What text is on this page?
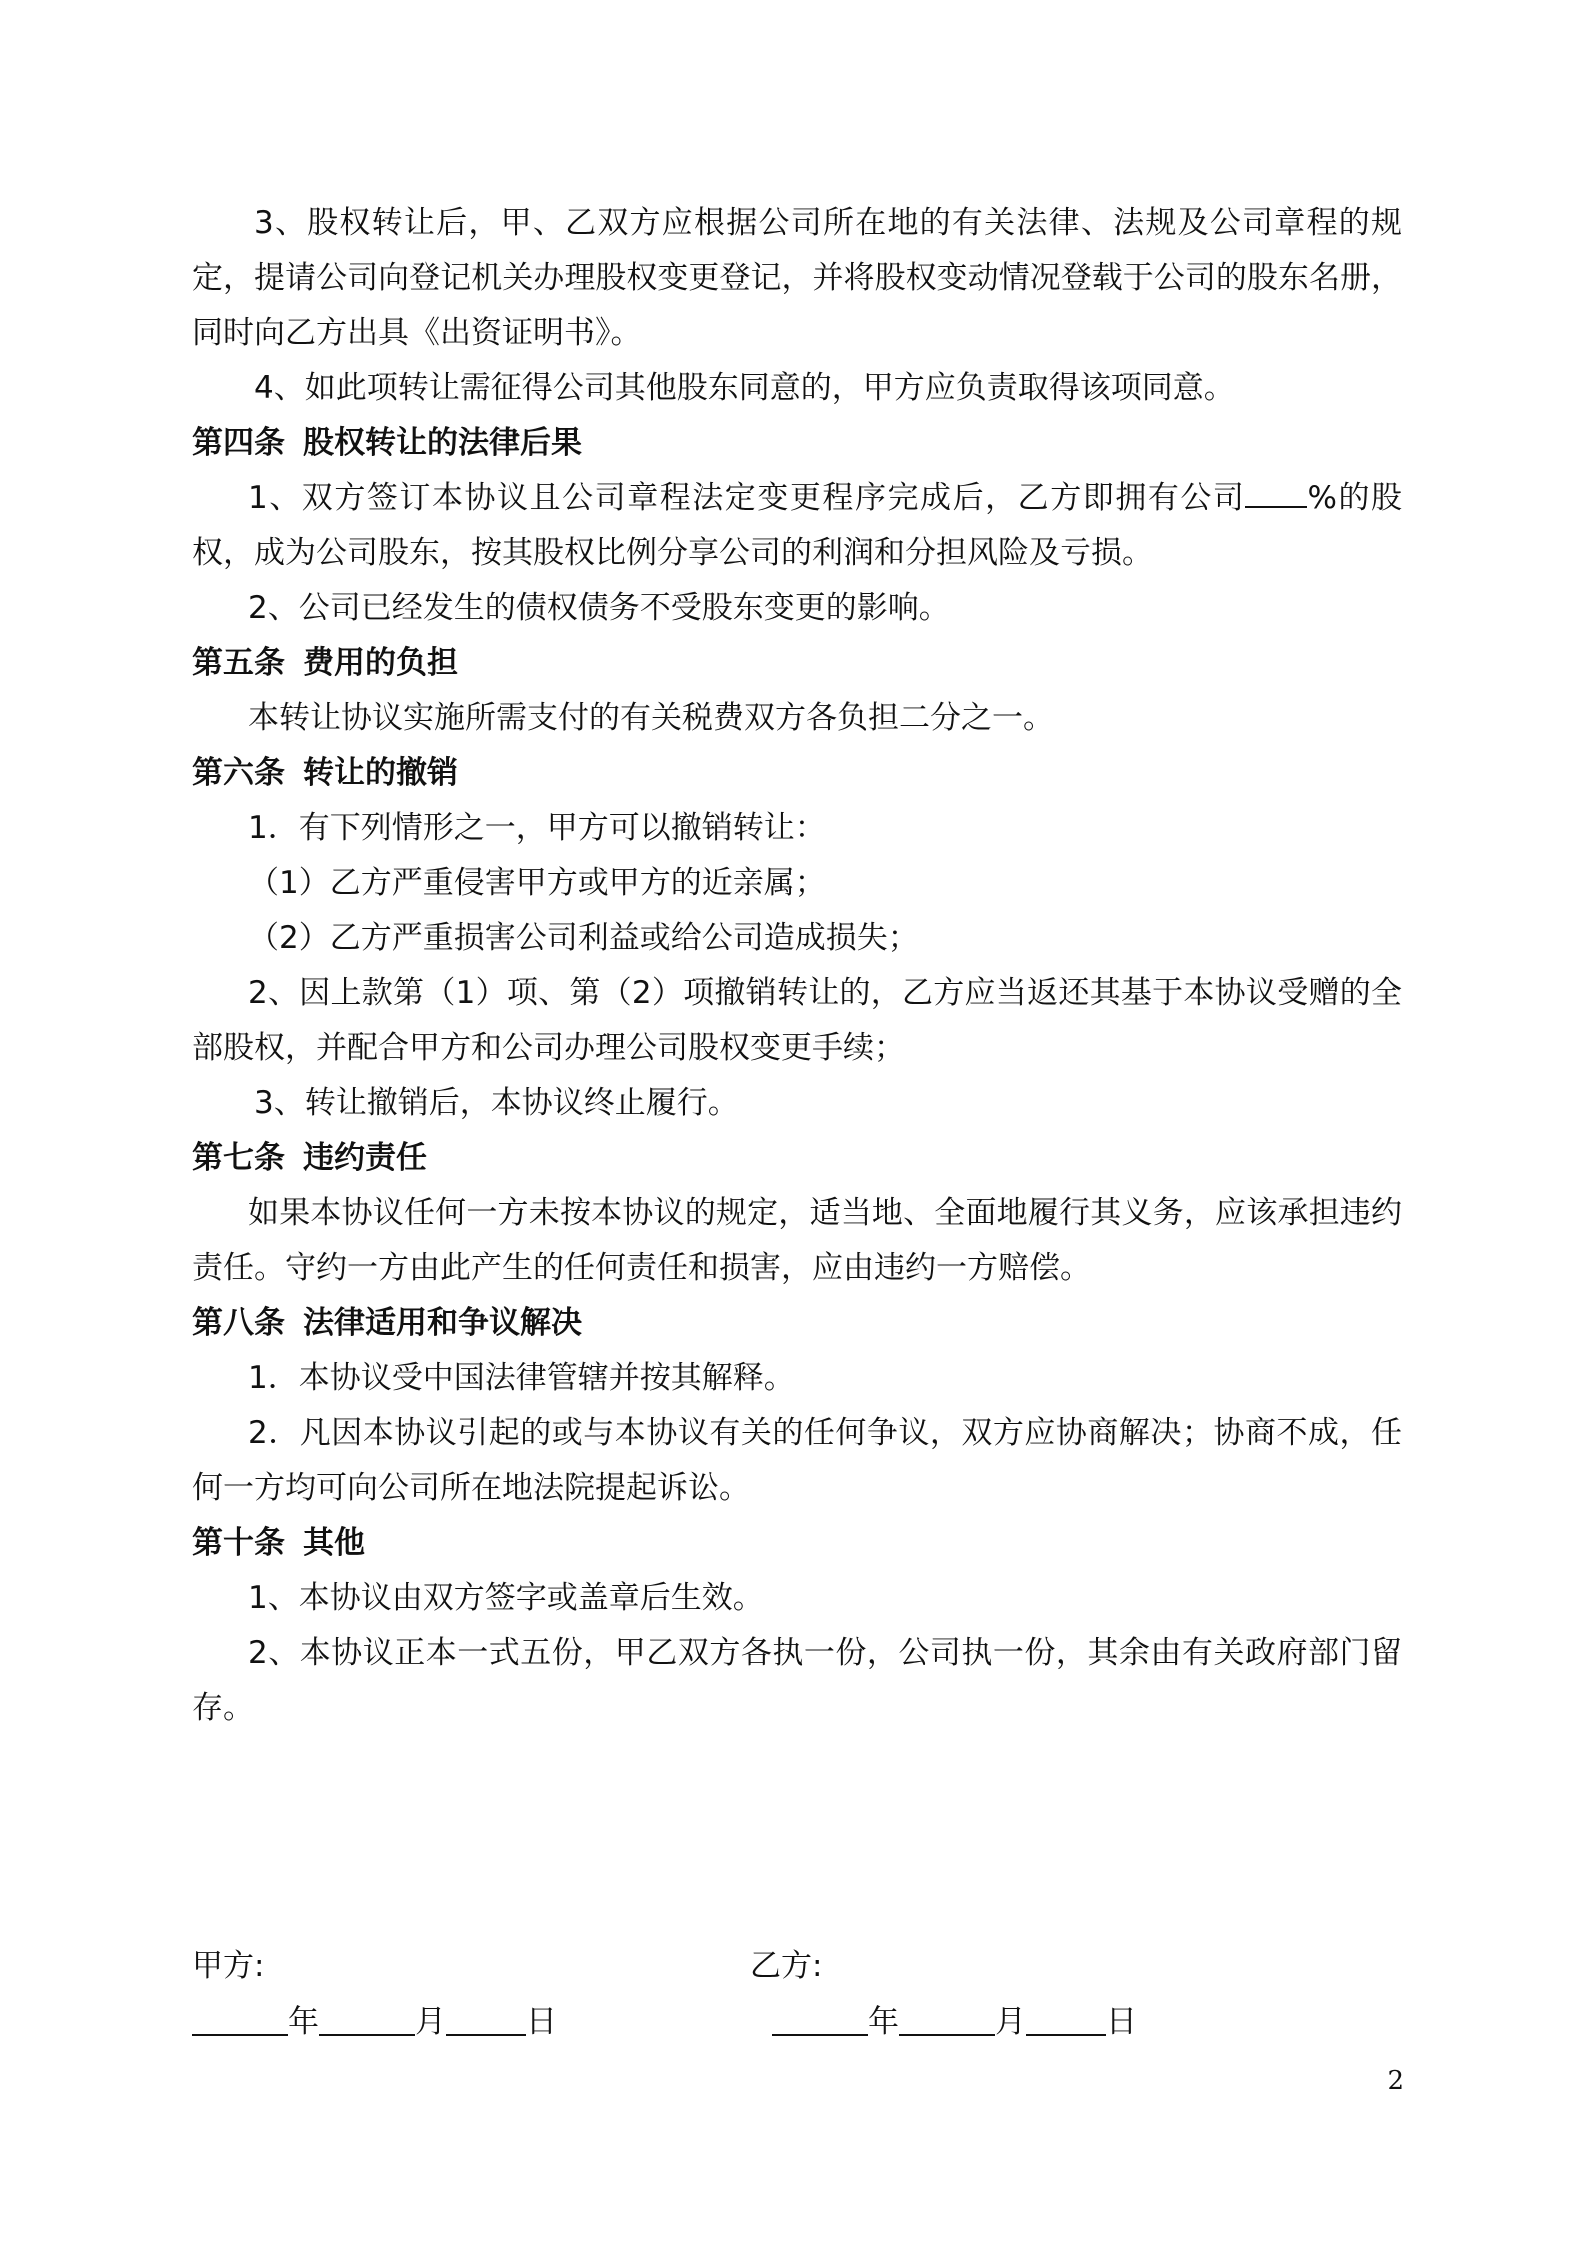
3、股权转让后，甲、乙双方应根据公司所在地的有关法律、法规及公司章程的规定，提请公司向登记机关办理股权变更登记，并将股权变动情况登载于公司的股东名册，同时向乙方出具《出资证明书》。

4、如此项转让需征得公司其他股东同意的，甲方应负责取得该项同意。

第四条 股权转让的法律后果

1、双方签订本协议且公司章程法定变更程序完成后，乙方即拥有公司 %的股权，成为公司股东，按其股权比例分享公司的利润和分担风险及亏损。

2、公司已经发生的债权债务不受股东变更的影响。

第五条 费用的负担

本转让协议实施所需支付的有关税费双方各负担二分之一。

第六条 转让的撤销

1．有下列情形之一，甲方可以撤销转让：

（1）乙方严重侵害甲方或甲方的近亲属；

（2）乙方严重损害公司利益或给公司造成损失；

2、因上款第（1）项、第（2）项撤销转让的，乙方应当返还其基于本协议受赠的全部股权，并配合甲方和公司办理公司股权变更手续；

3、转让撤销后，本协议终止履行。

第七条 违约责任

如果本协议任何一方未按本协议的规定，适当地、全面地履行其义务，应该承担违约责任。守约一方由此产生的任何责任和损害，应由违约一方赔偿。

第八条 法律适用和争议解决

1．本协议受中国法律管辖并按其解释。

2．凡因本协议引起的或与本协议有关的任何争议，双方应协商解决；协商不成，任何一方均可向公司所在地法院提起诉讼。

第十条 其他

1、本协议由双方签字或盖章后生效。

2、本协议正本一式五份，甲乙双方各执一份，公司执一份，其余由有关政府部门留存。

甲方:	乙方:
年	月	日	年	月	日
2
